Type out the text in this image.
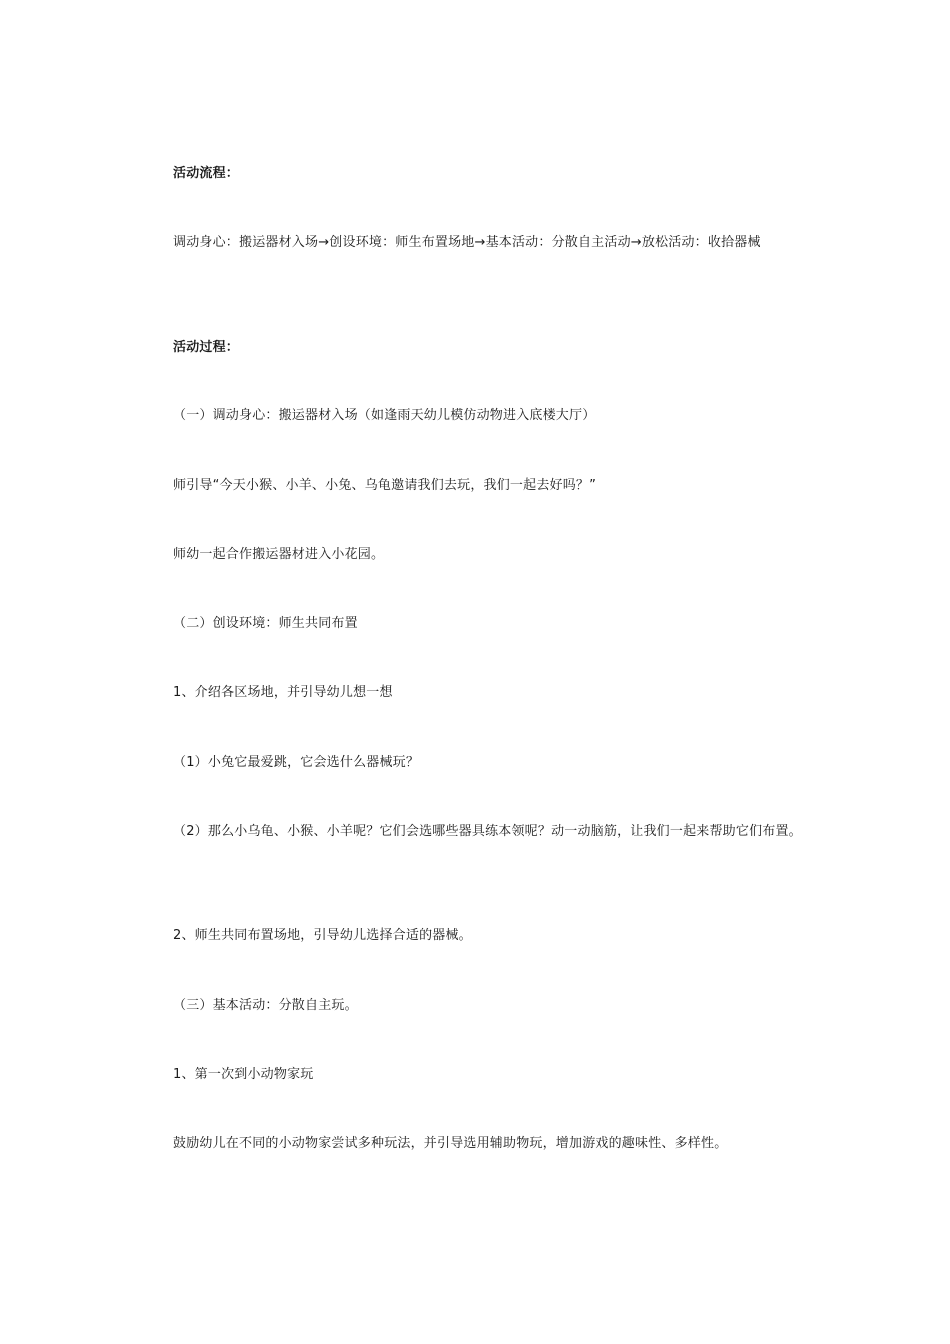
活动流程：

调动身心：搬运器材入场→创设环境：师生布置场地→基本活动：分散自主活动→放松活动：收拾器械

活动过程：

（一）调动身心：搬运器材入场（如逢雨天幼儿模仿动物进入底楼大厅）

师引导“今天小猴、小羊、小兔、乌龟邀请我们去玩，我们一起去好吗？”

师幼一起合作搬运器材进入小花园。

（二）创设环境：师生共同布置

1、介绍各区场地，并引导幼儿想一想

（1）小兔它最爱跳，它会选什么器械玩？

（2）那么小乌龟、小猴、小羊呢？它们会选哪些器具练本领呢？动一动脑筋，让我们一起来帮助它们布置。

2、师生共同布置场地，引导幼儿选择合适的器械。

（三）基本活动：分散自主玩。

1、第一次到小动物家玩

鼓励幼儿在不同的小动物家尝试多种玩法，并引导选用辅助物玩，增加游戏的趣味性、多样性。
